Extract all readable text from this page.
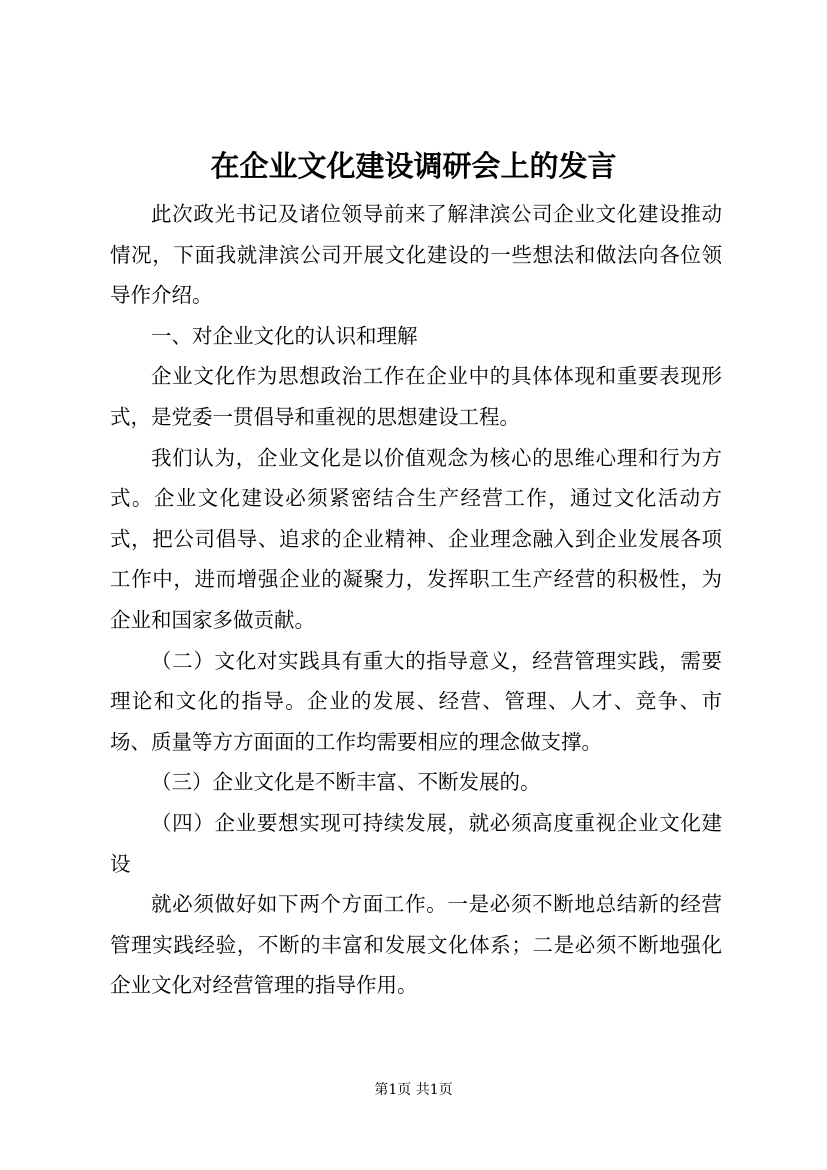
在企业文化建设调研会上的发言

此次政光书记及诸位领导前来了解津滨公司企业文化建设推动情况，下面我就津滨公司开展文化建设的一些想法和做法向各位领导作介绍。

一、对企业文化的认识和理解

企业文化作为思想政治工作在企业中的具体体现和重要表现形式，是党委一贯倡导和重视的思想建设工程。

我们认为，企业文化是以价值观念为核心的思维心理和行为方式。企业文化建设必须紧密结合生产经营工作，通过文化活动方式，把公司倡导、追求的企业精神、企业理念融入到企业发展各项工作中，进而增强企业的凝聚力，发挥职工生产经营的积极性，为企业和国家多做贡献。

（二）文化对实践具有重大的指导意义，经营管理实践，需要理论和文化的指导。企业的发展、经营、管理、人才、竞争、市场、质量等方方面面的工作均需要相应的理念做支撑。

（三）企业文化是不断丰富、不断发展的。

（四）企业要想实现可持续发展，就必须高度重视企业文化建设

就必须做好如下两个方面工作。一是必须不断地总结新的经营管理实践经验，不断的丰富和发展文化体系；二是必须不断地强化企业文化对经营管理的指导作用。

第1页 共1页
